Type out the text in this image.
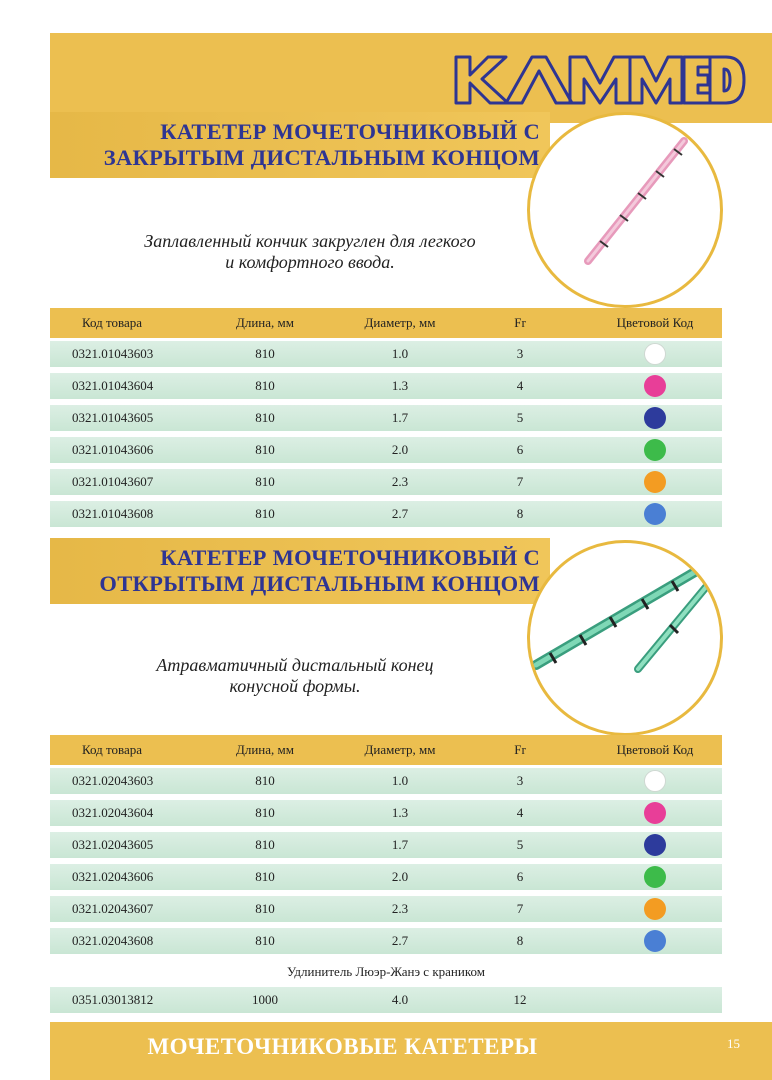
KAMMED
КАТЕТЕР МОЧЕТОЧНИКОВЫЙ С
ЗАКРЫТЫМ ДИСТАЛЬНЫМ КОНЦОМ
Заплавленный кончик закруглен для легкого
и комфортного ввода.
Код товара	Длина, мм	Диаметр, мм	Fr	Цветовой Код
0321.01043603	810	1.0	3
0321.01043604	810	1.3	4
0321.01043605	810	1.7	5
0321.01043606	810	2.0	6
0321.01043607	810	2.3	7
0321.01043608	810	2.7	8
КАТЕТЕР МОЧЕТОЧНИКОВЫЙ С
ОТКРЫТЫМ ДИСТАЛЬНЫМ КОНЦОМ
Атравматичный дистальный конец
конусной формы.
Код товара	Длина, мм	Диаметр, мм	Fr	Цветовой Код
0321.02043603	810	1.0	3
0321.02043604	810	1.3	4
0321.02043605	810	1.7	5
0321.02043606	810	2.0	6
0321.02043607	810	2.3	7
0321.02043608	810	2.7	8
Удлинитель Люэр-Жанэ с краником
0351.03013812	1000	4.0	12
МОЧЕТОЧНИКОВЫЕ КАТЕТЕРЫ	15
